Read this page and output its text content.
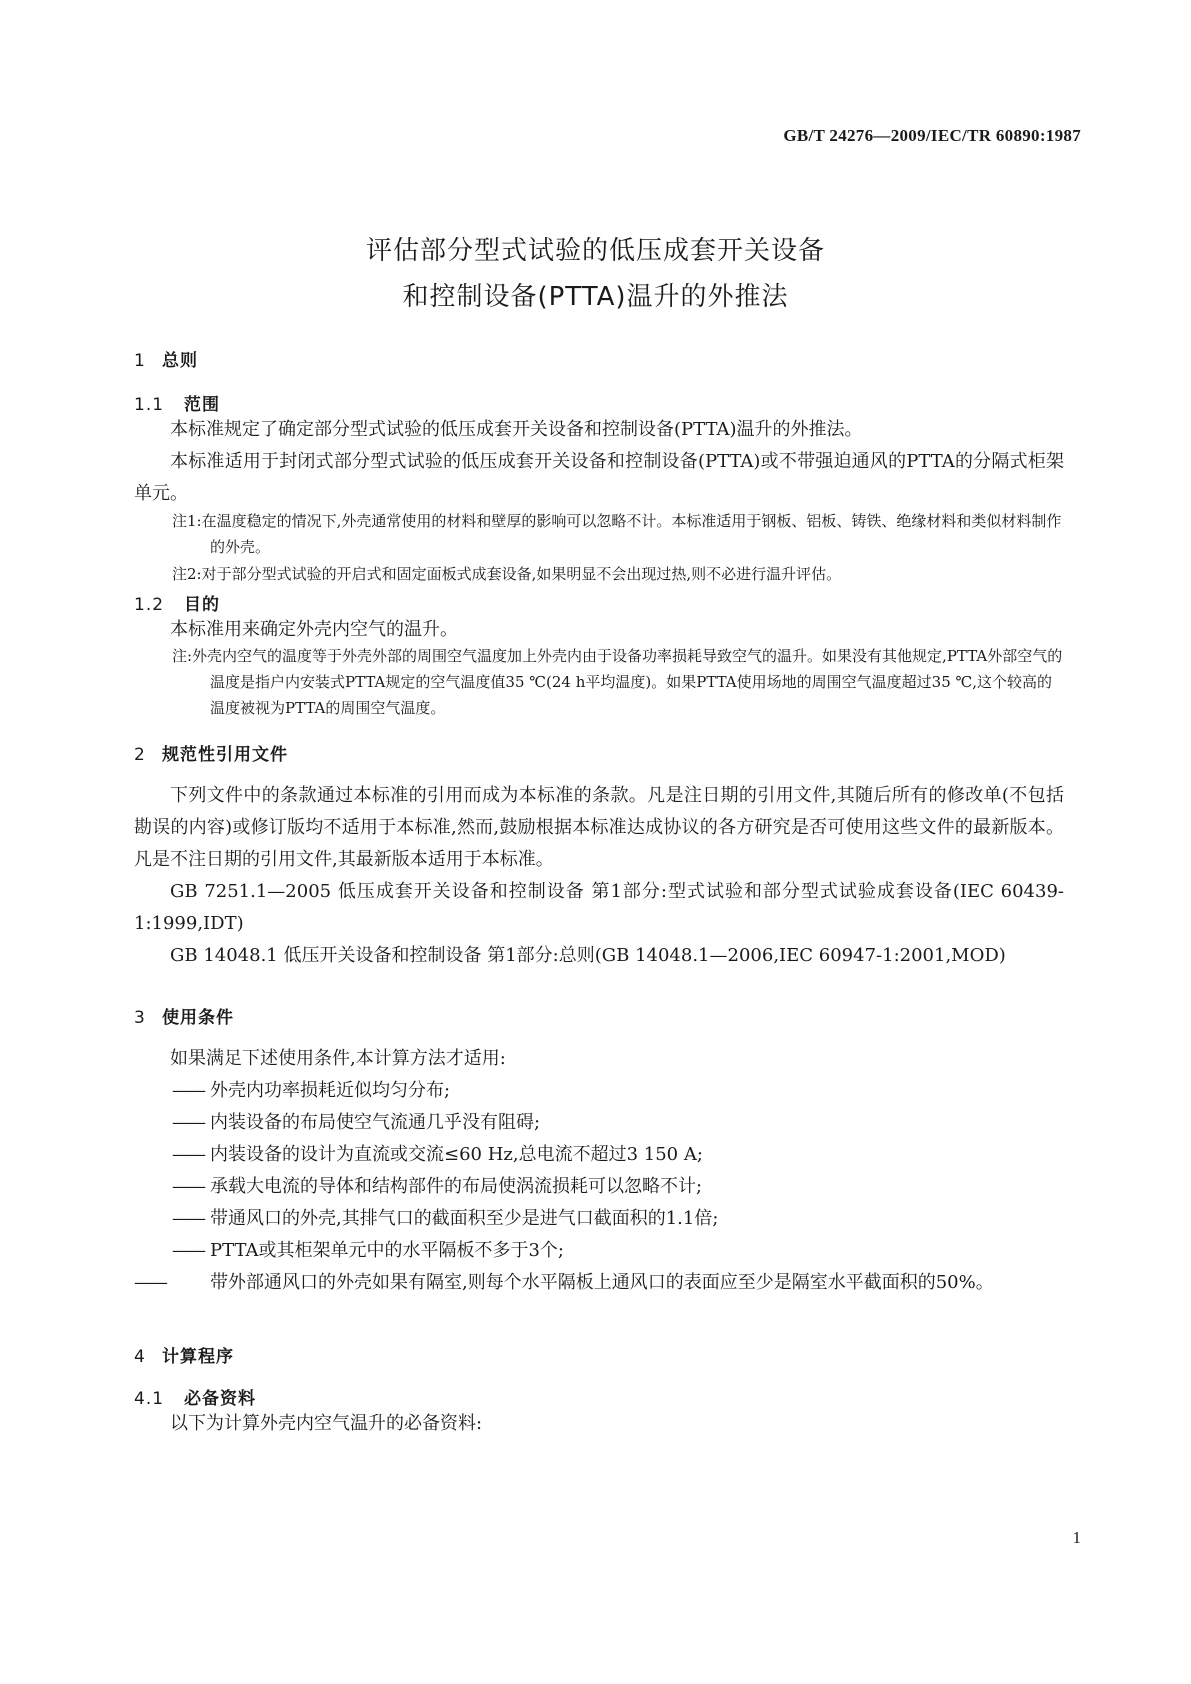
GB/T 24276—2009/IEC/TR 60890:1987
评估部分型式试验的低压成套开关设备
和控制设备(PTTA)温升的外推法
1 总则
1.1 范围
本标准规定了确定部分型式试验的低压成套开关设备和控制设备(PTTA)温升的外推法。
本标准适用于封闭式部分型式试验的低压成套开关设备和控制设备(PTTA)或不带强迫通风的PTTA的分隔式柜架单元。
注1:在温度稳定的情况下,外壳通常使用的材料和壁厚的影响可以忽略不计。本标准适用于钢板、铝板、铸铁、绝缘材料和类似材料制作的外壳。
注2:对于部分型式试验的开启式和固定面板式成套设备,如果明显不会出现过热,则不必进行温升评估。
1.2 目的
本标准用来确定外壳内空气的温升。
注:外壳内空气的温度等于外壳外部的周围空气温度加上外壳内由于设备功率损耗导致空气的温升。如果没有其他规定,PTTA外部空气的温度是指户内安装式PTTA规定的空气温度值35 ℃(24 h平均温度)。如果PTTA使用场地的周围空气温度超过35 ℃,这个较高的温度被视为PTTA的周围空气温度。
2 规范性引用文件
下列文件中的条款通过本标准的引用而成为本标准的条款。凡是注日期的引用文件,其随后所有的修改单(不包括勘误的内容)或修订版均不适用于本标准,然而,鼓励根据本标准达成协议的各方研究是否可使用这些文件的最新版本。凡是不注日期的引用文件,其最新版本适用于本标准。
GB 7251.1—2005 低压成套开关设备和控制设备 第1部分:型式试验和部分型式试验成套设备(IEC 60439-1:1999,IDT)
GB 14048.1 低压开关设备和控制设备 第1部分:总则(GB 14048.1—2006,IEC 60947-1:2001,MOD)
3 使用条件
如果满足下述使用条件,本计算方法才适用:
—— 外壳内功率损耗近似均匀分布;
—— 内装设备的布局使空气流通几乎没有阻碍;
—— 内装设备的设计为直流或交流≤60 Hz,总电流不超过3 150 A;
—— 承载大电流的导体和结构部件的布局使涡流损耗可以忽略不计;
—— 带通风口的外壳,其排气口的截面积至少是进气口截面积的1.1倍;
—— PTTA或其柜架单元中的水平隔板不多于3个;
—— 带外部通风口的外壳如果有隔室,则每个水平隔板上通风口的表面应至少是隔室水平截面积的50%。
4 计算程序
4.1 必备资料
以下为计算外壳内空气温升的必备资料:
1
